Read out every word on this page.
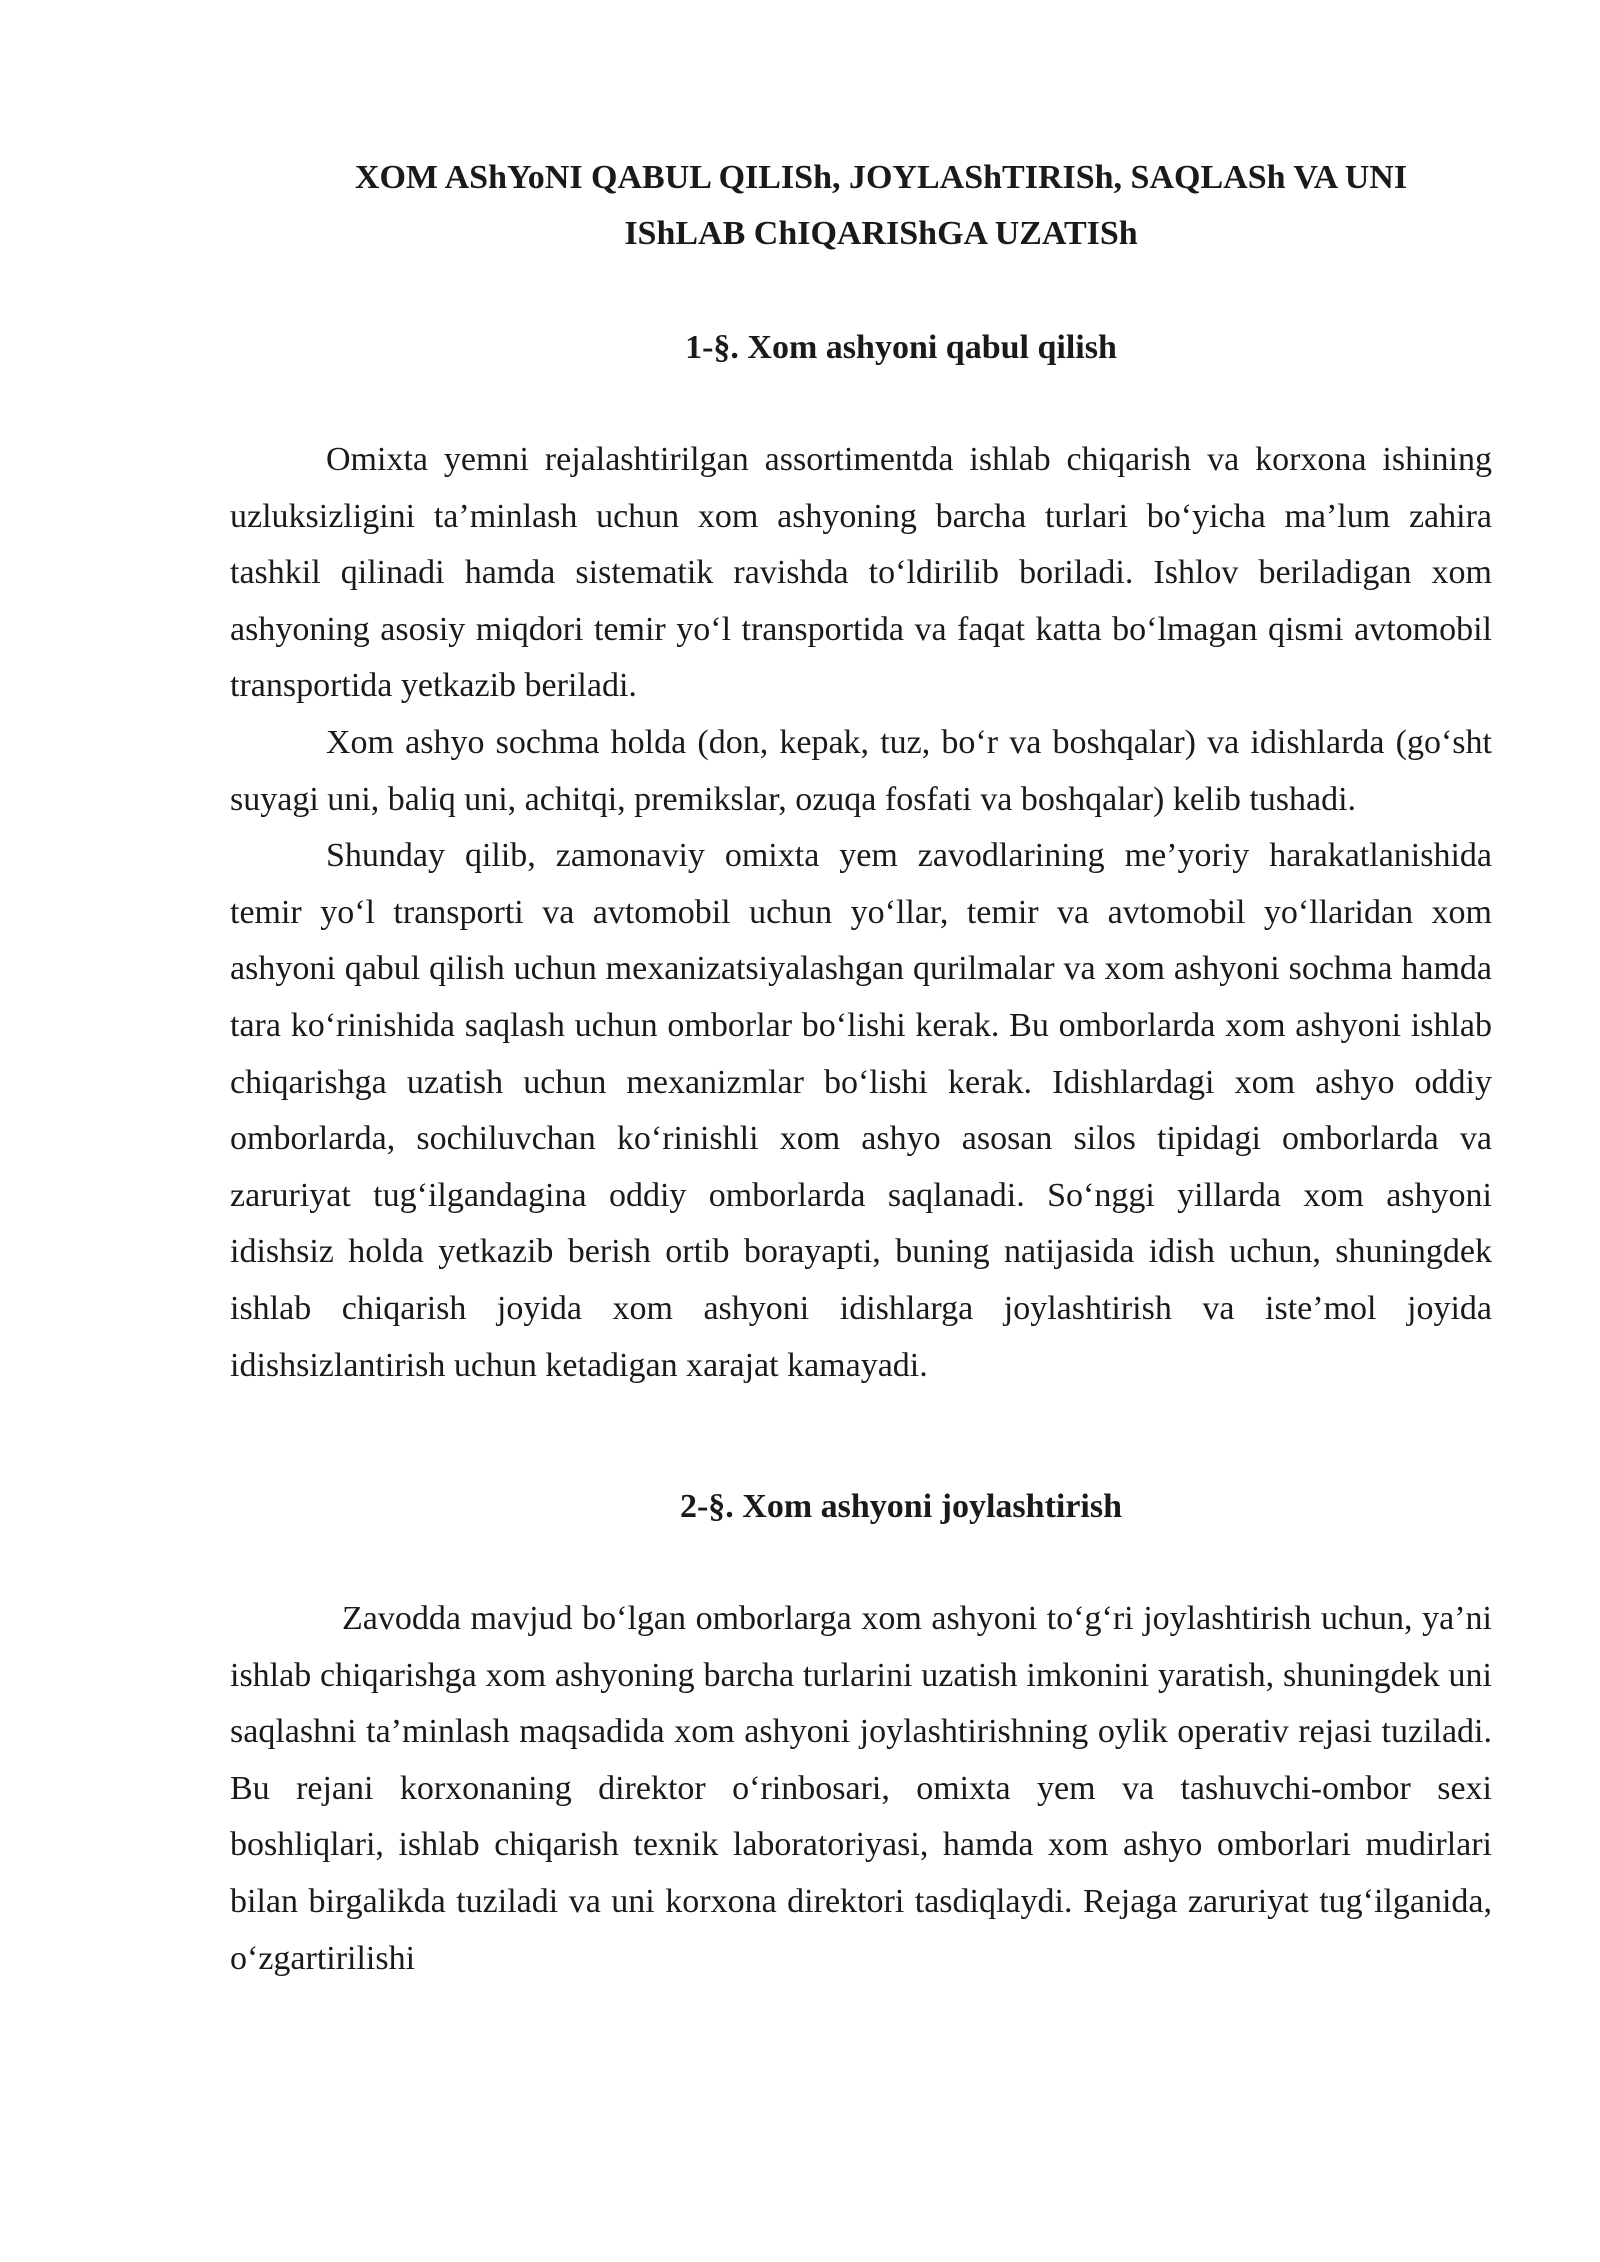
XOM AShYoNI QABUL QILISh, JOYLAShTIRISh, SAQLASh VA UNI
IShLAB ChIQARIShGA UZATISh
1-§. Xom ashyoni qabul qilish

Omixta yemni rejalashtirilgan assortimentda ishlab chiqarish va korxona ishining uzluksizligini ta’minlash uchun xom ashyoning barcha turlari bo‘yicha ma’lum zahira tashkil qilinadi hamda sistematik ravishda to‘ldirilib boriladi. Ishlov beriladigan xom ashyoning asosiy miqdori temir yo‘l transportida va faqat katta bo‘lmagan qismi avtomobil transportida yetkazib beriladi.

Xom ashyo sochma holda (don, kepak, tuz, bo‘r va boshqalar) va idishlarda (go‘sht suyagi uni, baliq uni, achitqi, premikslar, ozuqa fosfati va boshqalar) kelib tushadi.

Shunday qilib, zamonaviy omixta yem zavodlarining me’yoriy harakatlanishida temir yo‘l transporti va avtomobil uchun yo‘llar, temir va avtomobil yo‘llaridan xom ashyoni qabul qilish uchun mexanizatsiyalashgan qurilmalar va xom ashyoni sochma hamda tara ko‘rinishida saqlash uchun omborlar bo‘lishi kerak. Bu omborlarda xom ashyoni ishlab chiqarishga uzatish uchun mexanizmlar bo‘lishi kerak. Idishlardagi xom ashyo oddiy omborlarda, sochiluvchan ko‘rinishli xom ashyo asosan silos tipidagi omborlarda va zaruriyat tug‘ilgandagina oddiy omborlarda saqlanadi. So‘nggi yillarda xom ashyoni idishsiz holda yetkazib berish ortib borayapti, buning natijasida idish uchun, shuningdek ishlab chiqarish joyida xom ashyoni idishlarga joylashtirish va iste’mol joyida idishsizlantirish uchun ketadigan xarajat kamayadi.

2-§. Xom ashyoni joylashtirish

Zavodda mavjud bo‘lgan omborlarga xom ashyoni to‘g‘ri joylashtirish uchun, ya’ni ishlab chiqarishga xom ashyoning barcha turlarini uzatish imkonini yaratish, shuningdek uni saqlashni ta’minlash maqsadida xom ashyoni joylashtirishning oylik operativ rejasi tuziladi. Bu rejani korxonaning direktor o‘rinbosari, omixta yem va tashuvchi-ombor sexi boshliqlari, ishlab chiqarish texnik laboratoriyasi, hamda xom ashyo omborlari mudirlari bilan birgalikda tuziladi va uni korxona direktori tasdiqlaydi. Rejaga zaruriyat tug‘ilganida, o‘zgartirilishi
